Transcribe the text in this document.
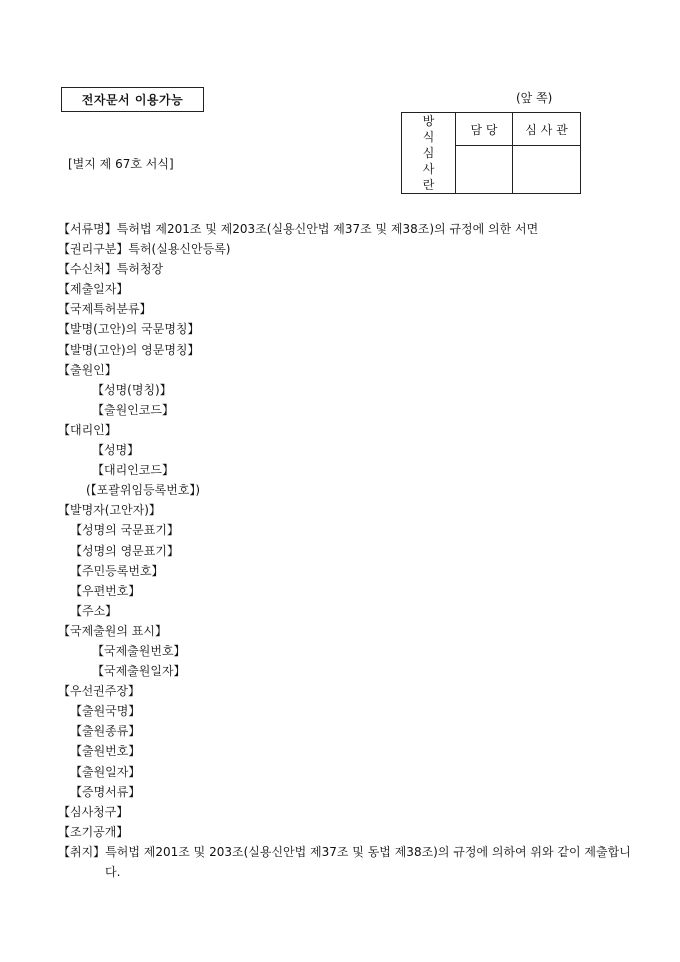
전자문서 이용가능	(앞 쪽)
[별지 제 67호 서식]
방
식
심
사
란	담 당	심 사 관

【서류명】특허법 제201조 및 제203조(실용신안법 제37조 및 제38조)의 규정에 의한 서면
【권리구분】특허(실용신안등록)
【수신처】특허청장
【제출일자】
【국제특허분류】
【발명(고안)의 국문명칭】
【발명(고안)의 영문명칭】
【출원인】
【성명(명칭)】
【출원인코드】
【대리인】
【성명】
【대리인코드】
(【포괄위임등록번호】)
【발명자(고안자)】
【성명의 국문표기】
【성명의 영문표기】
【주민등록번호】
【우편번호】
【주소】
【국제출원의 표시】
【국제출원번호】
【국제출원일자】
【우선권주장】
【출원국명】
【출원종류】
【출원번호】
【출원일자】
【증명서류】
【심사청구】
【조기공개】
【취지】특허법 제201조 및 203조(실용신안법 제37조 및 동법 제38조)의 규정에 의하여 위와 같이 제출합니다.
